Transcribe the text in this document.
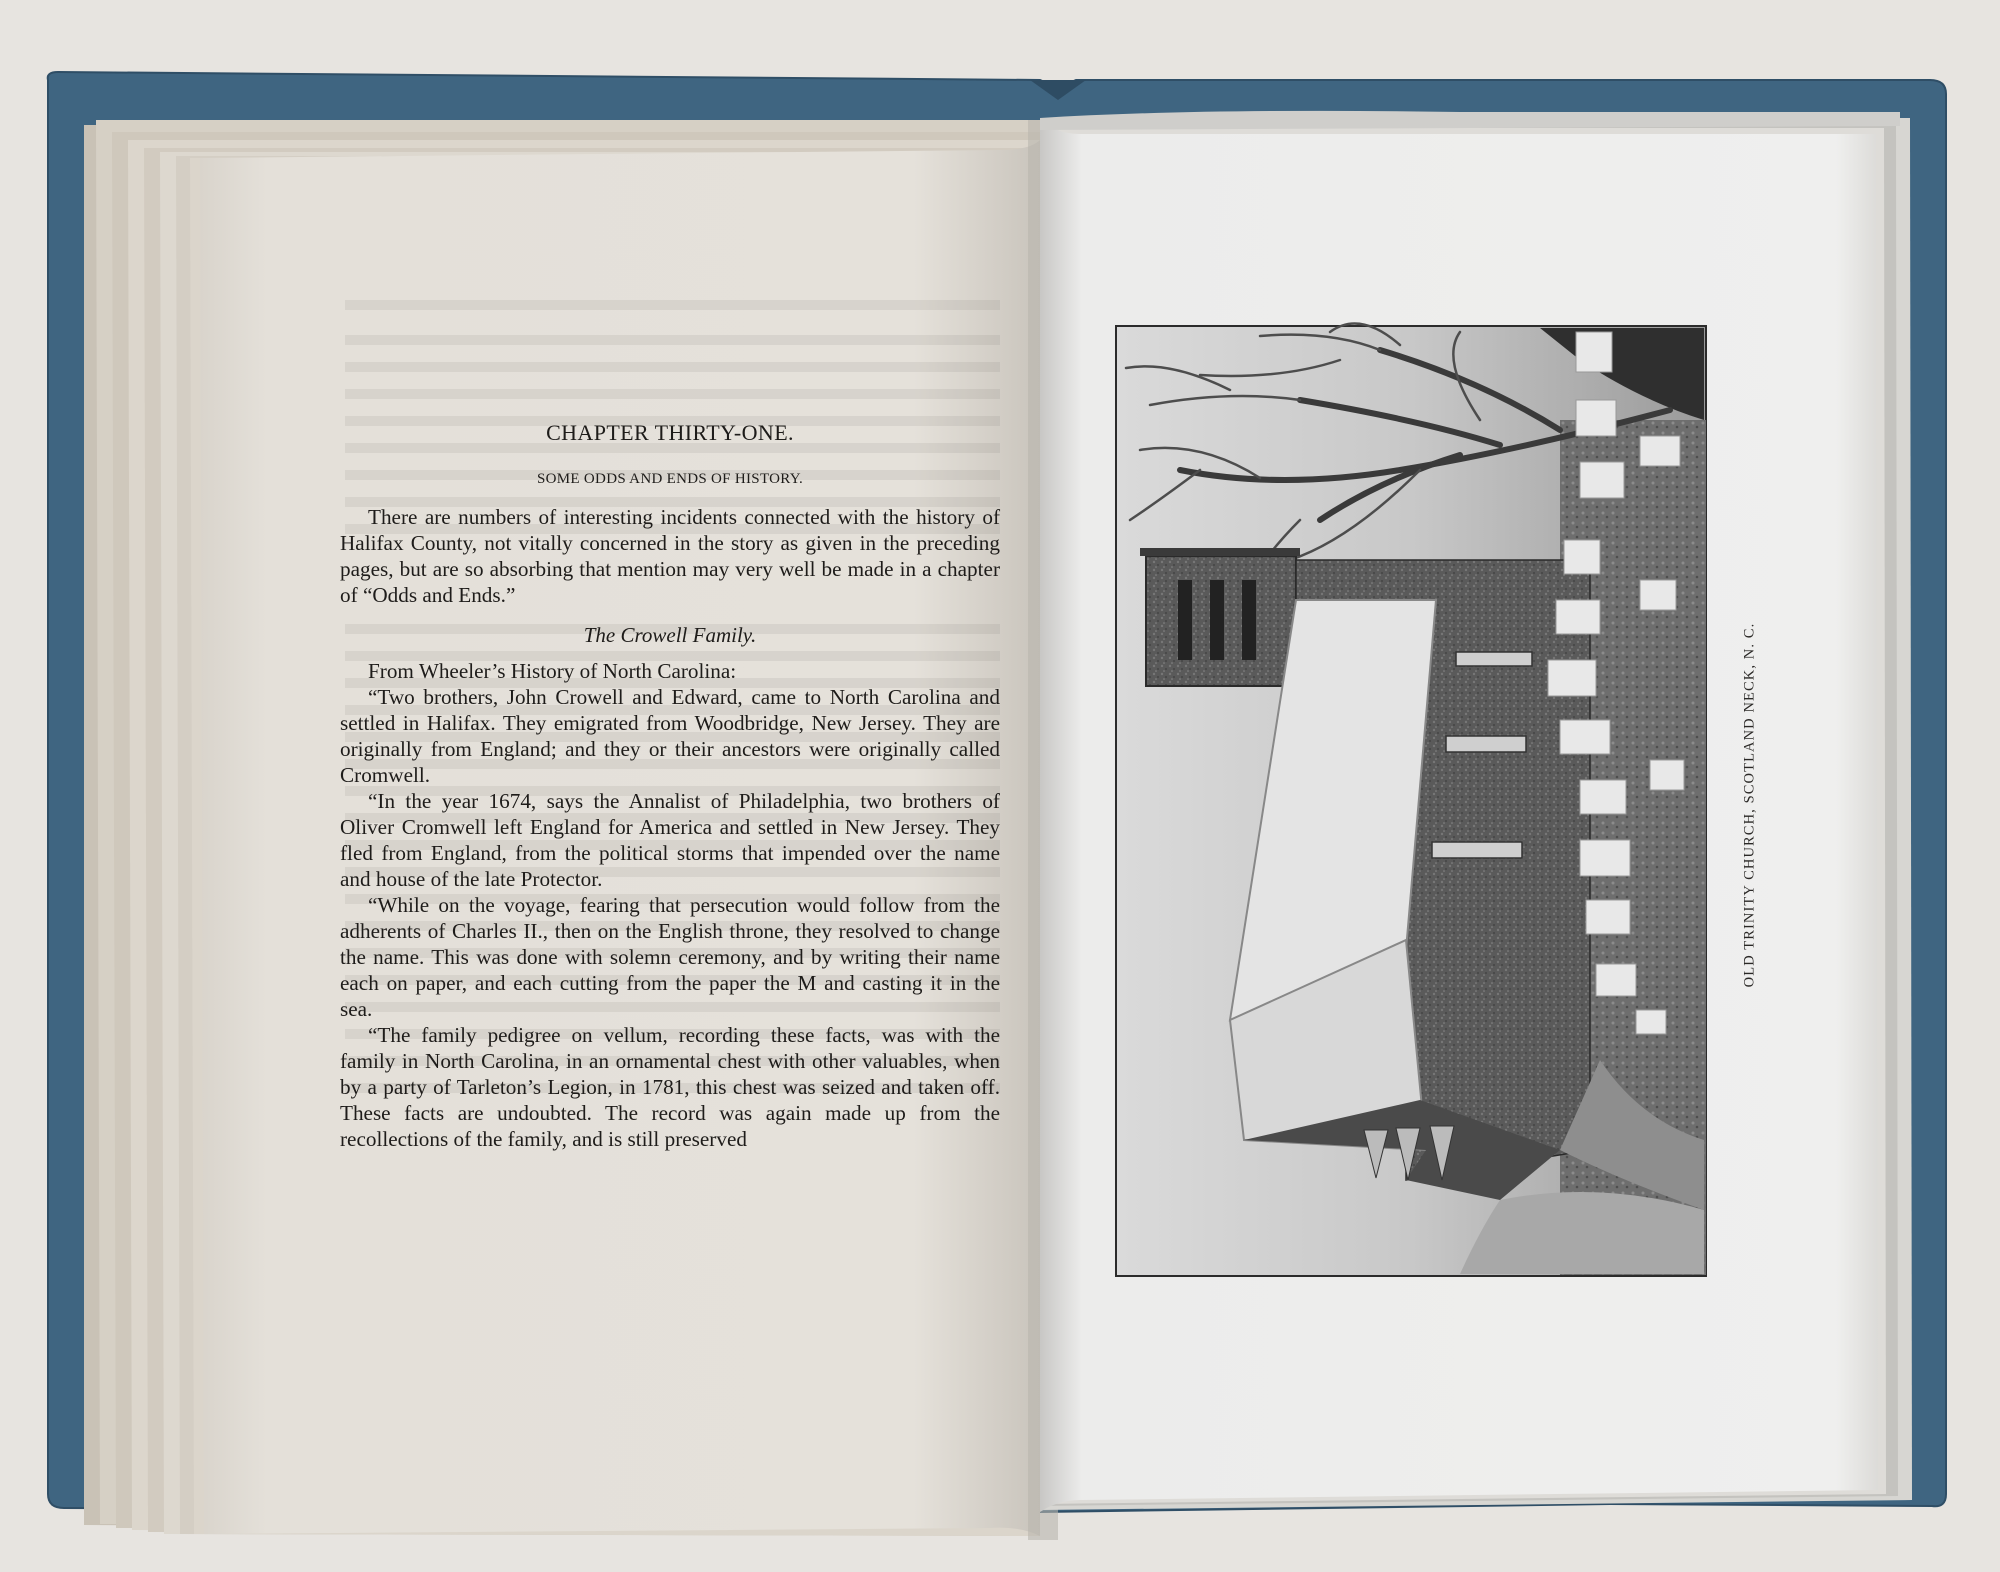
CHAPTER THIRTY-ONE.
SOME ODDS AND ENDS OF HISTORY.

There are numbers of interesting incidents connected with the history of Halifax County, not vitally concerned in the story as given in the preceding pages, but are so absorbing that mention may very well be made in a chapter of “Odds and Ends.”

The Crowell Family.

From Wheeler’s History of North Carolina:

“Two brothers, John Crowell and Edward, came to North Carolina and settled in Halifax. They emigrated from Woodbridge, New Jersey. They are originally from England; and they or their ancestors were originally called Cromwell.

“In the year 1674, says the Annalist of Philadelphia, two brothers of Oliver Cromwell left England for America and settled in New Jersey. They fled from England, from the political storms that impended over the name and house of the late Protector.

“While on the voyage, fearing that persecution would follow from the adherents of Charles II., then on the English throne, they resolved to change the name. This was done with solemn ceremony, and by writing their name each on paper, and each cutting from the paper the M and casting it in the sea.

“The family pedigree on vellum, recording these facts, was with the family in North Carolina, in an ornamental chest with other valuables, when by a party of Tarleton’s Legion, in 1781, this chest was seized and taken off. These facts are undoubted. The record was again made up from the recollections of the family, and is still preserved

OLD TRINITY CHURCH, SCOTLAND NECK, N. C.
